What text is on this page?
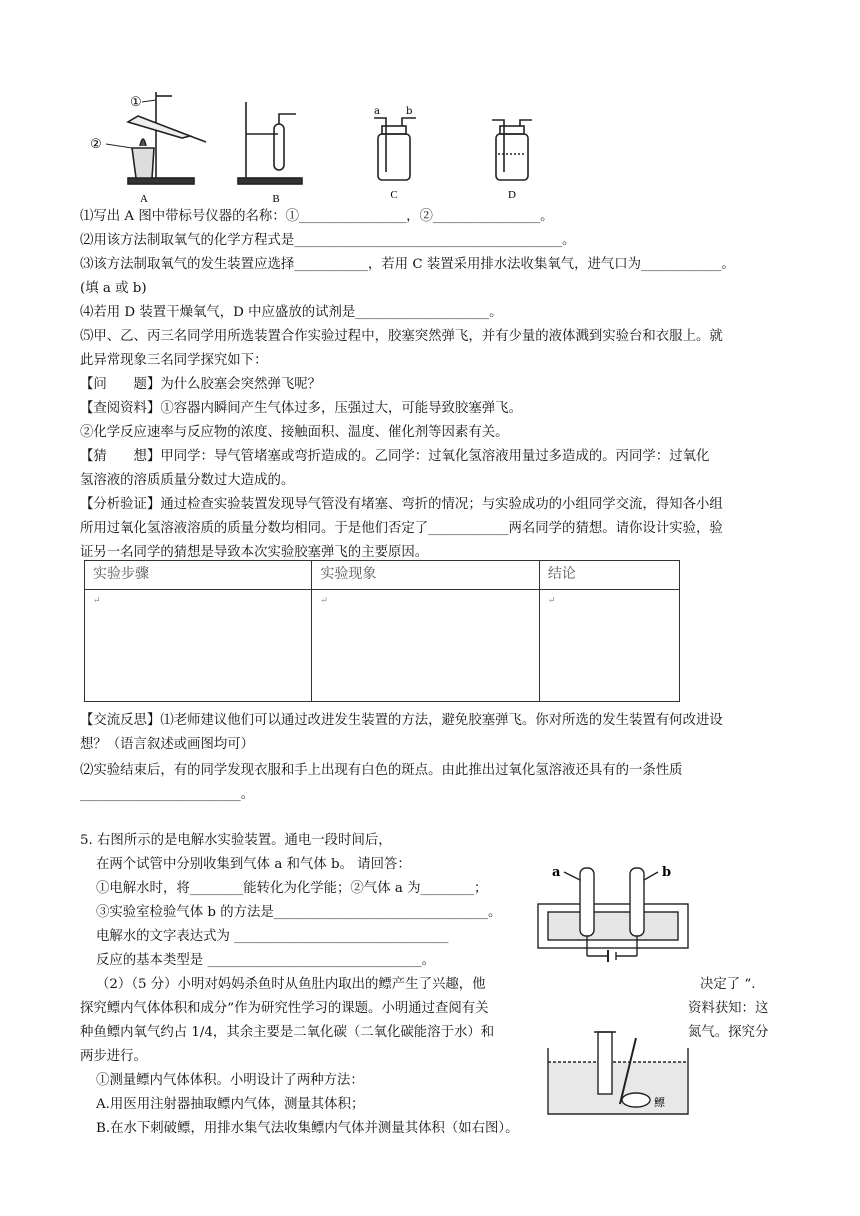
①
②
A	B
a	b
C	D
⑴写出 A 图中带标号仪器的名称：①________________，②________________。
⑵用该方法制取氧气的化学方程式是________________________________________。
⑶该方法制取氧气的发生装置应选择___________，若用 C 装置采用排水法收集氧气，进气口为____________。
(填 a 或 b)
⑷若用 D 装置干燥氧气，D 中应盛放的试剂是____________________。
⑸甲、乙、丙三名同学用所选装置合作实验过程中，胶塞突然弹飞，并有少量的液体溅到实验台和衣服上。就
此异常现象三名同学探究如下：
【问　　题】为什么胶塞会突然弹飞呢？
【查阅资料】①容器内瞬间产生气体过多，压强过大，可能导致胶塞弹飞。
②化学反应速率与反应物的浓度、接触面积、温度、催化剂等因素有关。
【猜　　想】甲同学：导气管堵塞或弯折造成的。乙同学：过氧化氢溶液用量过多造成的。丙同学：过氧化
氢溶液的溶质质量分数过大造成的。
【分析验证】通过检查实验装置发现导气管没有堵塞、弯折的情况；与实验成功的小组同学交流，得知各小组
所用过氧化氢溶液溶质的质量分数均相同。于是他们否定了____________两名同学的猜想。请你设计实验，验
证另一名同学的猜想是导致本次实验胶塞弹飞的主要原因。
实验步骤	实验现象	结论
↵	↵	↵
【交流反思】⑴老师建议他们可以通过改进发生装置的方法，避免胶塞弹飞。你对所选的发生装置有何改进设
想？（语言叙述或画图均可）
⑵实验结束后，有的同学发现衣服和手上出现有白色的斑点。由此推出过氧化氢溶液还具有的一条性质
________________________。
5. 右图所示的是电解水实验装置。通电一段时间后，
在两个试管中分别收集到气体 a 和气体 b。 请回答：
①电解水时，将________能转化为化学能；②气体 a 为________；
③实验室检验气体 b 的方法是________________________________。
电解水的文字表达式为 ________________________________
反应的基本类型是 ________________________________。
（2）（5 分）小明对妈妈杀鱼时从鱼肚内取出的鳔产生了兴趣，他	决定了 “.
探究鳔内气体体积和成分”作为研究性学习的课题。小明通过查阅有关	资料获知：这
种鱼鳔内氧气约占 1/4，其余主要是二氧化碳（二氧化碳能溶于水）和	氮气。探究分
两步进行。
①测量鳔内气体体积。小明设计了两种方法：
A.用医用注射器抽取鳔内气体，测量其体积；
B.在水下刺破鳔，用排水集气法收集鳔内气体并测量其体积（如右图）。
a	b
鳔
